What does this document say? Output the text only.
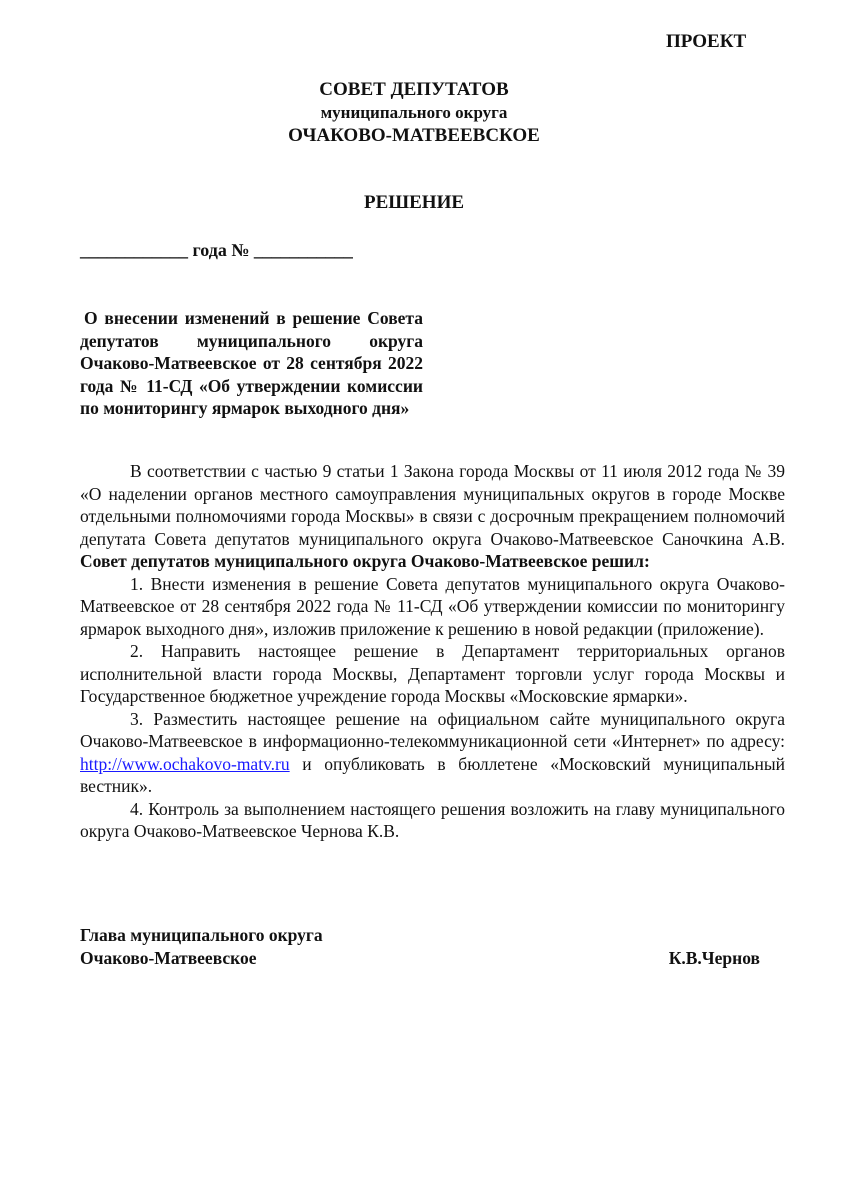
ПРОЕКТ
СОВЕТ ДЕПУТАТОВ
муниципального округа
ОЧАКОВО-МАТВЕЕВСКОЕ
РЕШЕНИЕ
____________ года № ___________
О внесении изменений в решение Совета депутатов муниципального округа Очаково-Матвеевское от 28 сентября 2022 года № 11-СД «Об утверждении комиссии по мониторингу ярмарок выходного дня»

В соответствии с частью 9 статьи 1 Закона города Москвы от 11 июля 2012 года № 39 «О наделении органов местного самоуправления муниципальных округов в городе Москве отдельными полномочиями города Москвы» в связи с досрочным прекращением полномочий депутата Совета депутатов муниципального округа Очаково-Матвеевское Саночкина А.В. Совет депутатов муниципального округа Очаково-Матвеевское решил:

1. Внести изменения в решение Совета депутатов муниципального округа Очаково-Матвеевское от 28 сентября 2022 года № 11-СД «Об утверждении комиссии по мониторингу ярмарок выходного дня», изложив приложение к решению в новой редакции (приложение).

2. Направить настоящее решение в Департамент территориальных органов исполнительной власти города Москвы, Департамент торговли услуг города Москвы и Государственное бюджетное учреждение города Москвы «Московские ярмарки».

3. Разместить настоящее решение на официальном сайте муниципального округа Очаково-Матвеевское в информационно-телекоммуникационной сети «Интернет» по адресу: http://www.ochakovo-matv.ru и опубликовать в бюллетене «Московский муниципальный вестник».

4. Контроль за выполнением настоящего решения возложить на главу муниципального округа Очаково-Матвеевское Чернова К.В.

Глава муниципального округа
Очаково-Матвеевское	К.В.Чернов
